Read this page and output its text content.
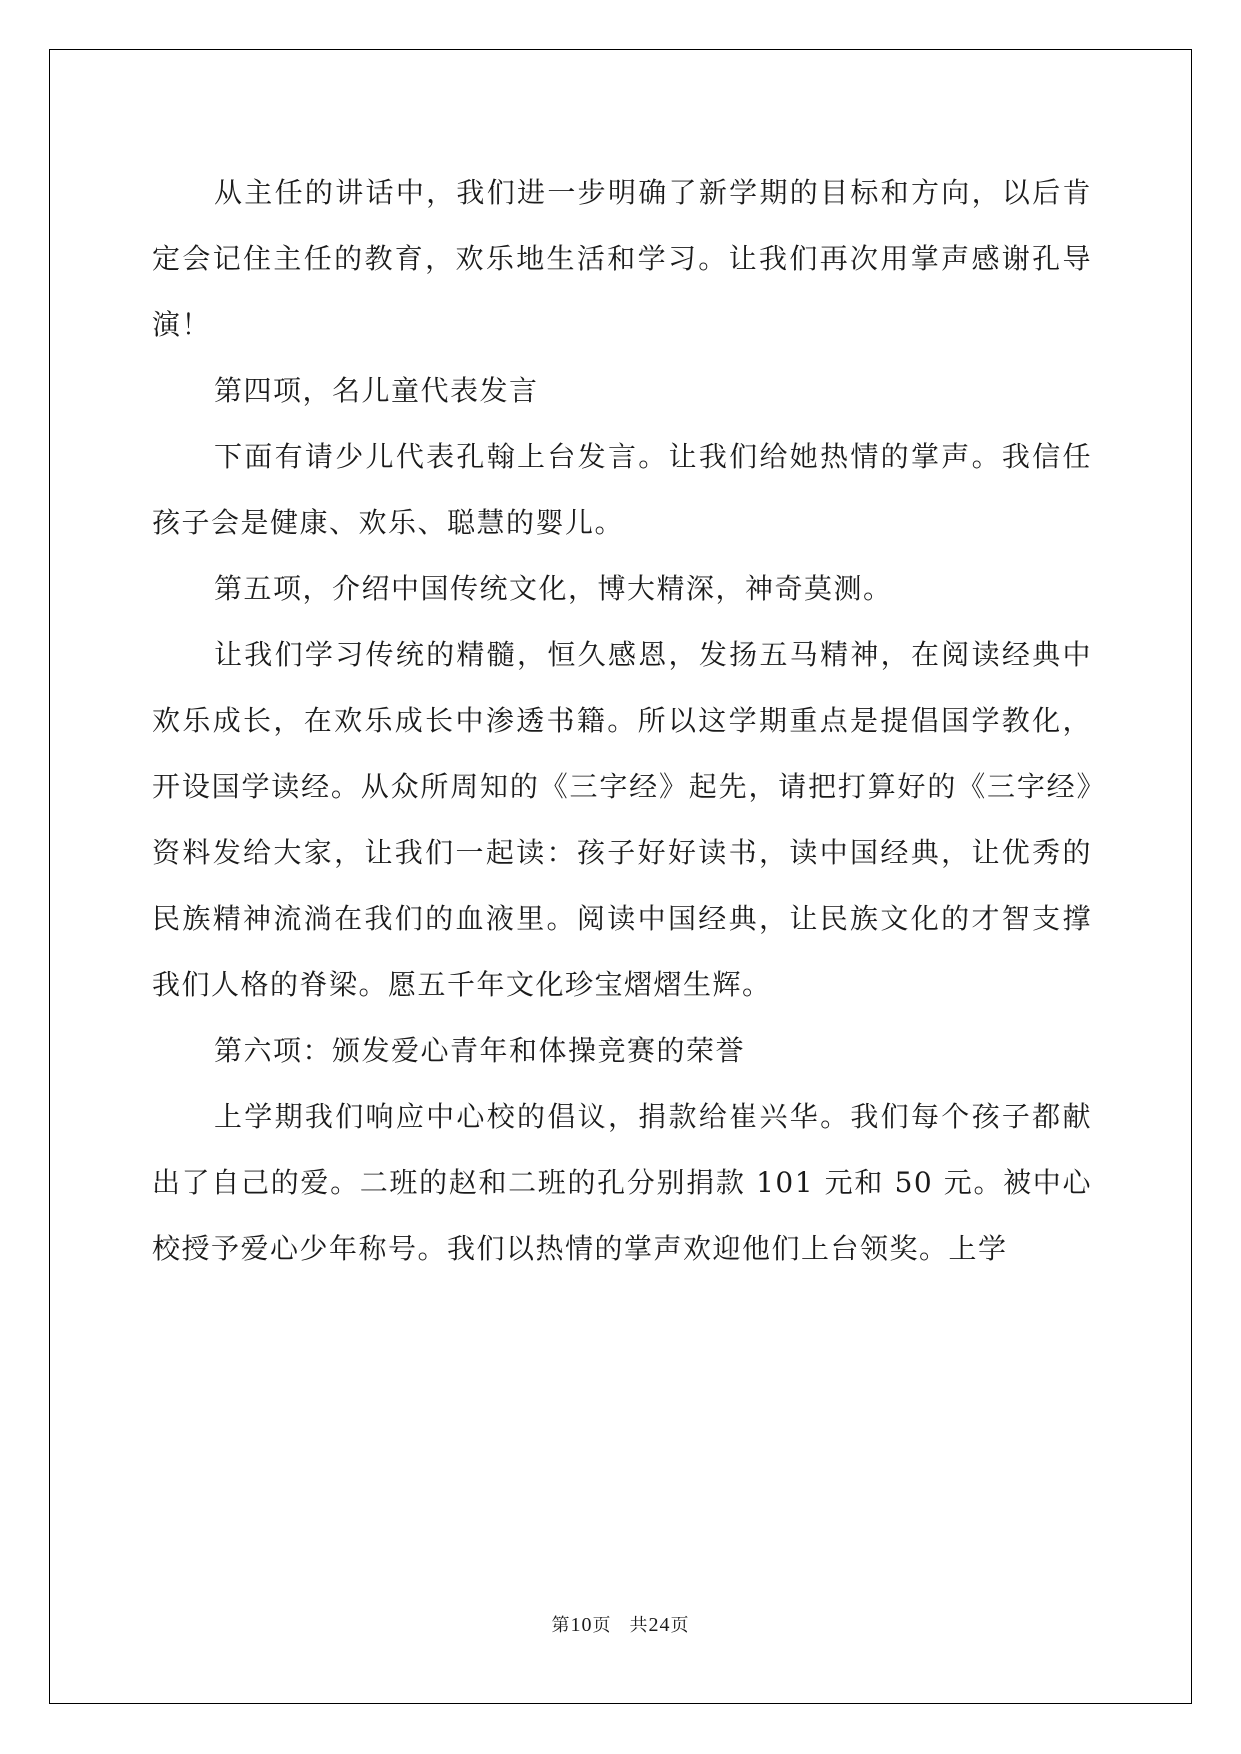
从主任的讲话中，我们进一步明确了新学期的目标和方向，以后肯定会记住主任的教育，欢乐地生活和学习。让我们再次用掌声感谢孔导演！

第四项，名儿童代表发言

下面有请少儿代表孔翰上台发言。让我们给她热情的掌声。我信任孩子会是健康、欢乐、聪慧的婴儿。

第五项，介绍中国传统文化，博大精深，神奇莫测。

让我们学习传统的精髓，恒久感恩，发扬五马精神，在阅读经典中欢乐成长，在欢乐成长中渗透书籍。所以这学期重点是提倡国学教化，开设国学读经。从众所周知的《三字经》起先，请把打算好的《三字经》资料发给大家，让我们一起读：孩子好好读书，读中国经典，让优秀的民族精神流淌在我们的血液里。阅读中国经典，让民族文化的才智支撑我们人格的脊梁。愿五千年文化珍宝熠熠生辉。

第六项：颁发爱心青年和体操竞赛的荣誉

上学期我们响应中心校的倡议，捐款给崔兴华。我们每个孩子都献出了自己的爱。二班的赵和二班的孔分别捐款 101 元和 50 元。被中心校授予爱心少年称号。我们以热情的掌声欢迎他们上台领奖。上学

第10页 共24页
